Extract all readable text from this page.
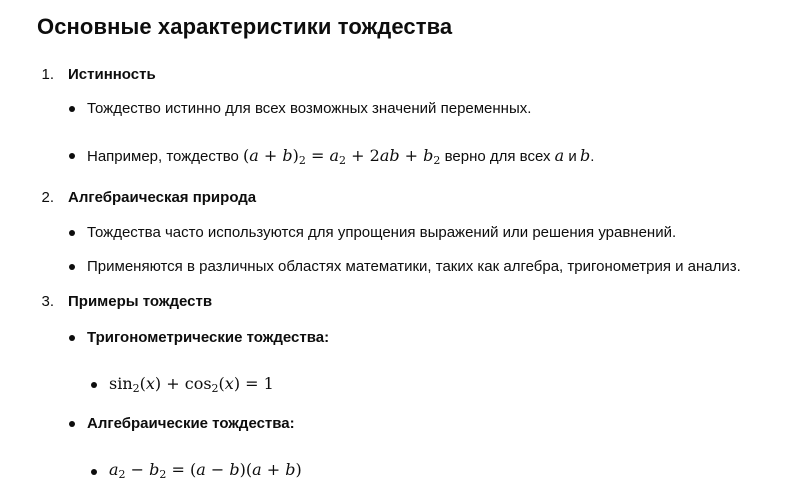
Основные характеристики тождества
1. Истинность
Тождество истинно для всех возможных значений переменных.
Например, тождество $(a + b)_2 = a_2 + 2ab + b_2$ верно для всех a и  b.
2. Алгебраическая природа
Тождества часто используются для упрощения выражений или решения уравнений.
Применяются в различных областях математики, таких как алгебра, тригонометрия и анализ.
3. Примеры тождеств
Тригонометрические тождества:
$\sin_2(x) + \cos_2(x) = 1$
Алгебраические тождества:
$a_2 - b_2 = (a - b)(a + b)$
